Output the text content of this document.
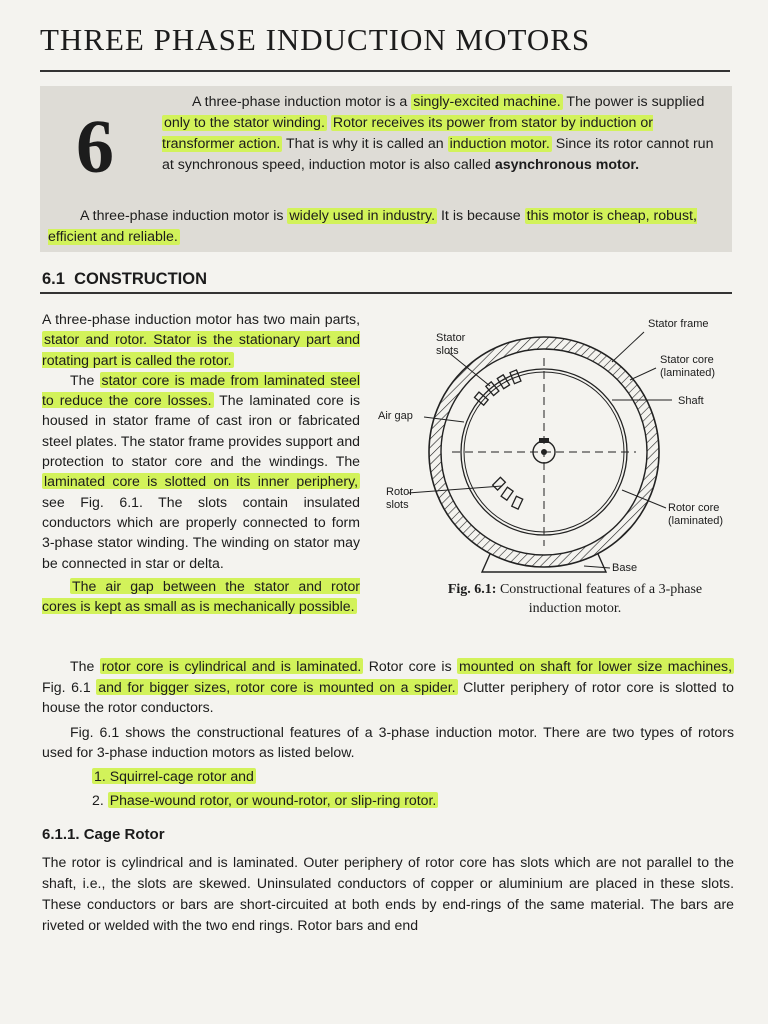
THREE PHASE INDUCTION MOTORS
6
A three-phase induction motor is a singly-excited machine. The power is supplied only to the stator winding. Rotor receives its power from stator by induction or transformer action. That is why it is called an induction motor. Since its rotor cannot run at synchronous speed, induction motor is also called asynchronous motor.
A three-phase induction motor is widely used in industry. It is because this motor is cheap, robust, efficient and reliable.
6.1  CONSTRUCTION

A three-phase induction motor has two main parts, stator and rotor. Stator is the stationary part and rotating part is called the rotor.

The stator core is made from laminated steel to reduce the core losses. The laminated core is housed in stator frame of cast iron or fabricated steel plates. The stator frame provides support and protection to stator core and the windings. The laminated core is slotted on its inner periphery, see Fig. 6.1. The slots contain insulated conductors which are properly connected to form 3-phase stator winding. The winding on stator may be connected in star or delta.

The air gap between the stator and rotor cores is kept as small as is mechanically possible.

Stator frame
Stator slots
Stator core (laminated)
Shaft
Air gap
Rotor slots	Rotor core (laminated)
Base
Fig. 6.1: Constructional features of a 3-phase induction motor.

The rotor core is cylindrical and is laminated. Rotor core is mounted on shaft for lower size machines, Fig. 6.1 and for bigger sizes, rotor core is mounted on a spider. Clutter periphery of rotor core is slotted to house the rotor conductors.

Fig. 6.1 shows the constructional features of a 3-phase induction motor. There are two types of rotors used for 3-phase induction motors as listed below.

1. Squirrel-cage rotor and
2. Phase-wound rotor, or wound-rotor, or slip-ring rotor.
6.1.1. Cage Rotor
The rotor is cylindrical and is laminated. Outer periphery of rotor core has slots which are not parallel to the shaft, i.e., the slots are skewed. Uninsulated conductors of copper or aluminium are placed in these slots. These conductors or bars are short-circuited at both ends by end-rings of the same material. The bars are riveted or welded with the two end rings. Rotor bars and end
